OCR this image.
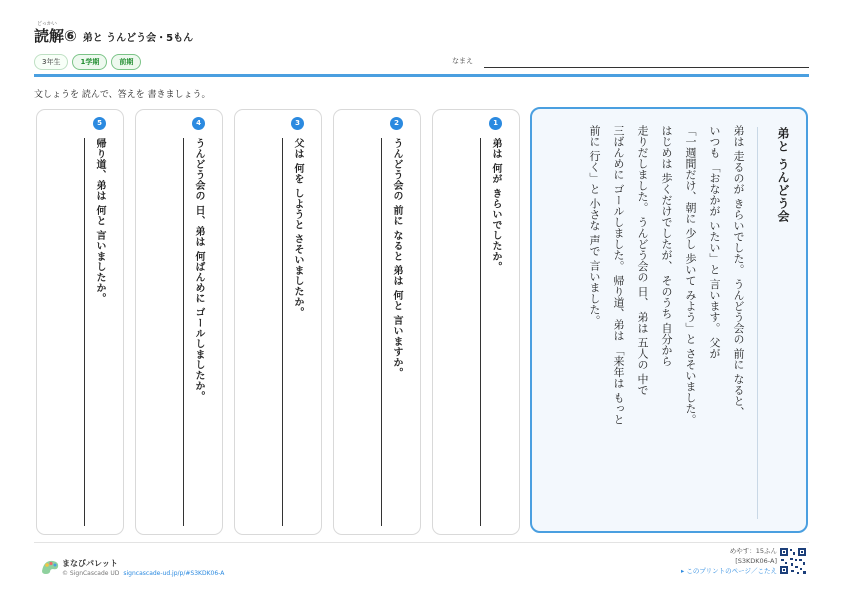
どっかい
読解⑥ 弟と うんどう会・5もん
3年生	1学期	前期	なまえ
文しょうを 読んで、答えを 書きましょう。
1
弟は 何が きらいでしたか。
2
うんどう会の 前に なると 弟は 何と 言いますか。
3
父は 何を しようと さそいましたか。
4
うんどう会の 日、弟は 何ばんめに ゴールしましたか。
5
帰り道、弟は 何と 言いましたか。	弟と うんどう会
弟は 走るのが きらいでした。 うんどう会の 前に なると、
いつも 「おなかが いたい」と 言います。 父が
「一週間だけ、朝に 少し 歩いて みよう」と さそいました。
はじめは 歩くだけでしたが、 そのうち 自分から
走りだしました。 うんどう会の 日、 弟は 五人の 中で
三ばんめに ゴールしました。 帰り道、弟は 「来年は もっと
前に 行く」と 小さな 声で 言いました。
まなびパレット
© SignCascade UD signcascade-ud.jp/p/#S3KDK06-A
めやす：15ふん
[S3KDK06-A]
▸ このプリントのページ／こたえ
